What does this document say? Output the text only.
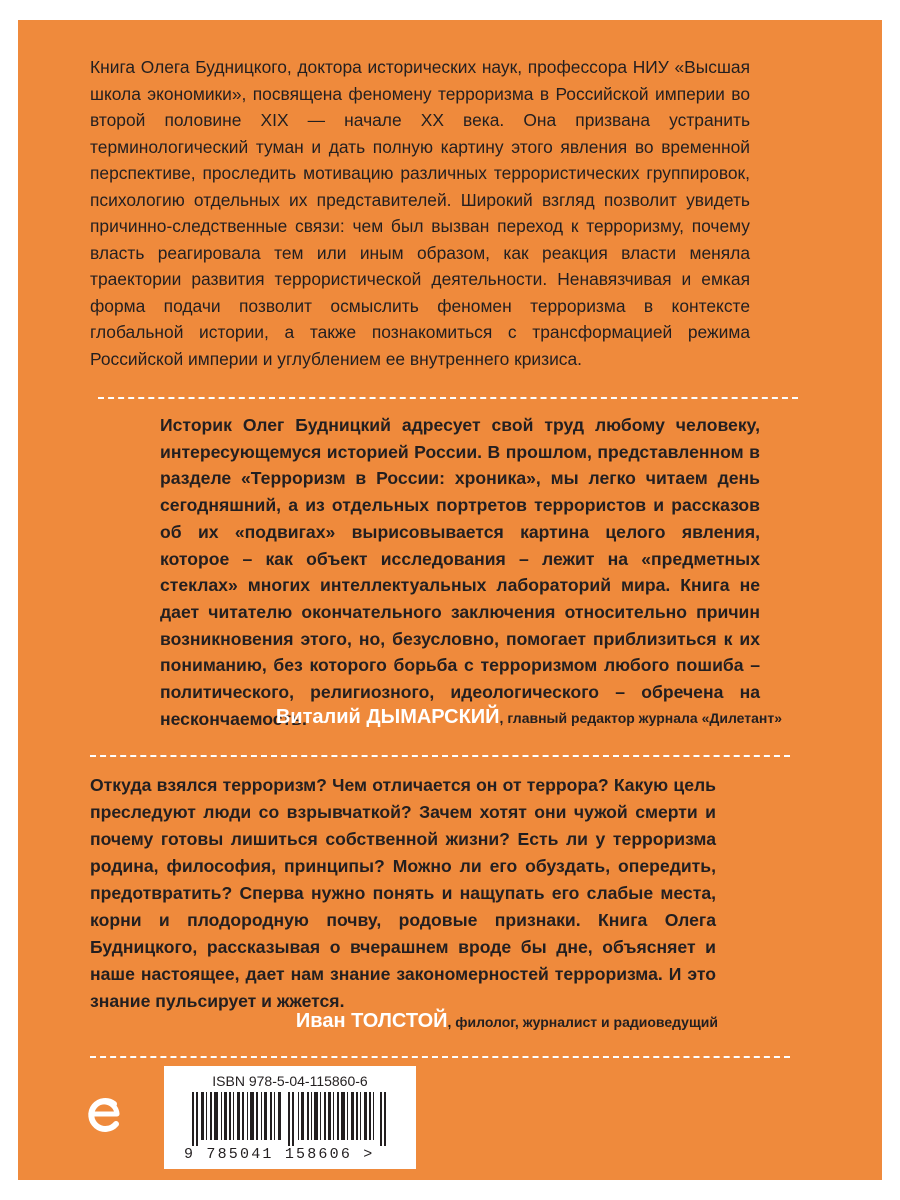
Книга Олега Будницкого, доктора исторических наук, профессора НИУ «Высшая школа экономики», посвящена феномену терроризма в Российской империи во второй половине XIX — начале XX века. Она призвана устранить терминологический туман и дать полную картину этого явления во временной перспективе, проследить мотивацию различных террористических группировок, психологию отдельных их представителей. Широкий взгляд позволит увидеть причинно-следственные связи: чем был вызван переход к терроризму, почему власть реагировала тем или иным образом, как реакция власти меняла траектории развития террористической деятельности. Ненавязчивая и емкая форма подачи позволит осмыслить феномен терроризма в контексте глобальной истории, а также познакомиться с трансформацией режима Российской империи и углублением ее внутреннего кризиса.

Историк Олег Будницкий адресует свой труд любому человеку, интересующемуся историей России. В прошлом, представленном в разделе «Терроризм в России: хроника», мы легко читаем день сегодняшний, а из отдельных портретов террористов и рассказов об их «подвигах» вырисовывается картина целого явления, которое – как объект исследования – лежит на «предметных стеклах» многих интеллектуальных лабораторий мира. Книга не дает читателю окончательного заключения относительно причин возникновения этого, но, безусловно, помогает приблизиться к их пониманию, без которого борьба с терроризмом любого пошиба – политического, религиозного, идеологического – обречена на нескончаемость.

Виталий ДЫМАРСКИЙ, главный редактор журнала «Дилетант»

Откуда взялся терроризм? Чем отличается он от террора? Какую цель преследуют люди со взрывчаткой? Зачем хотят они чужой смерти и почему готовы лишиться собственной жизни? Есть ли у терроризма родина, философия, принципы? Можно ли его обуздать, опередить, предотвратить? Сперва нужно понять и нащупать его слабые места, корни и плодородную почву, родовые признаки. Книга Олега Будницкого, рассказывая о вчерашнем вроде бы дне, объясняет и наше настоящее, дает нам знание закономерностей терроризма. И это знание пульсирует и жжется.

Иван ТОЛСТОЙ, филолог, журналист и радиоведущий
ISBN 978-5-04-115860-6
9 785041 158606 >
